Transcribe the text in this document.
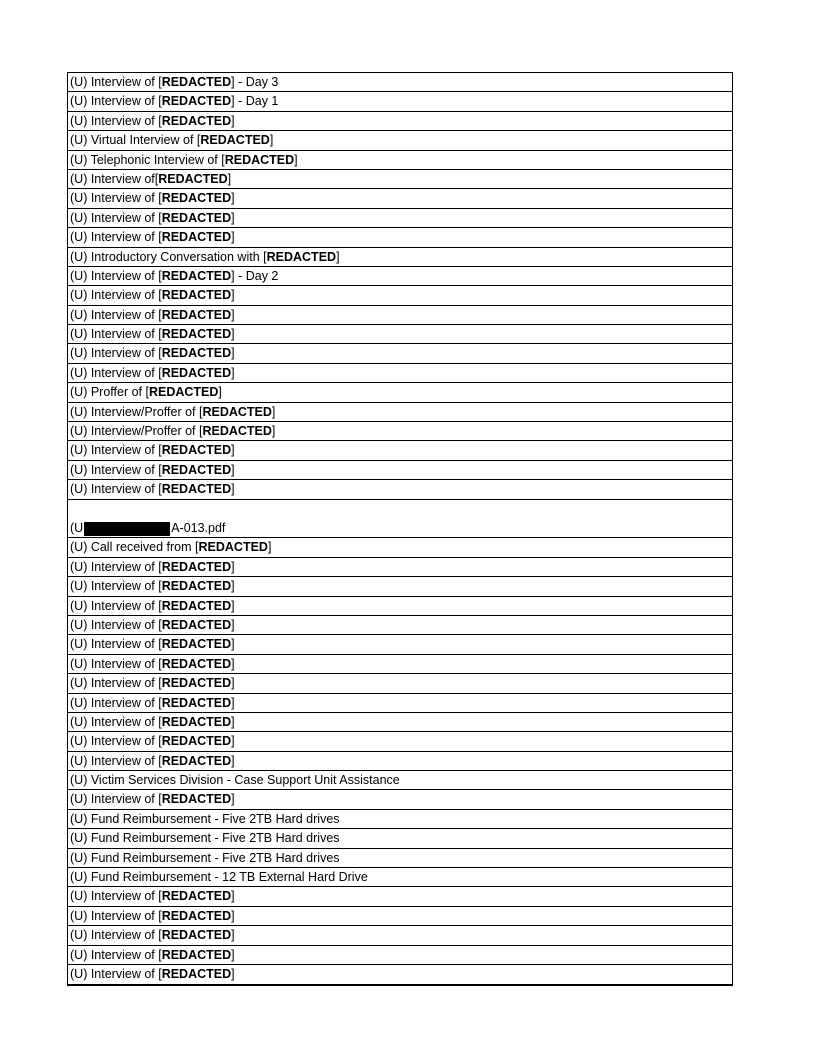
(U) Interview of [REDACTED] - Day 3
(U) Interview of [REDACTED] - Day 1
(U) Interview of [REDACTED]
(U) Virtual Interview of [REDACTED]
(U) Telephonic Interview of [REDACTED]
(U) Interview of[REDACTED]
(U) Interview of [REDACTED]
(U) Interview of [REDACTED]
(U) Interview of [REDACTED]
(U) Introductory Conversation with [REDACTED]
(U) Interview of [REDACTED] - Day 2
(U) Interview of [REDACTED]
(U) Interview of [REDACTED]
(U) Interview of [REDACTED]
(U) Interview of [REDACTED]
(U) Interview of [REDACTED]
(U) Proffer of [REDACTED]
(U) Interview/Proffer of [REDACTED]
(U) Interview/Proffer of [REDACTED]
(U) Interview of [REDACTED]
(U) Interview of [REDACTED]
(U) Interview of [REDACTED]
(U	A-013.pdf
(U) Call received from [REDACTED]
(U) Interview of [REDACTED]
(U) Interview of [REDACTED]
(U) Interview of [REDACTED]
(U) Interview of [REDACTED]
(U) Interview of [REDACTED]
(U) Interview of [REDACTED]
(U) Interview of [REDACTED]
(U) Interview of [REDACTED]
(U) Interview of [REDACTED]
(U) Interview of [REDACTED]
(U) Interview of [REDACTED]
(U) Victim Services Division - Case Support Unit Assistance
(U) Interview of [REDACTED]
(U) Fund Reimbursement - Five 2TB Hard drives
(U) Fund Reimbursement - Five 2TB Hard drives
(U) Fund Reimbursement - Five 2TB Hard drives
(U) Fund Reimbursement - 12 TB External Hard Drive
(U) Interview of [REDACTED]
(U) Interview of [REDACTED]
(U) Interview of [REDACTED]
(U) Interview of [REDACTED]
(U) Interview of [REDACTED]
